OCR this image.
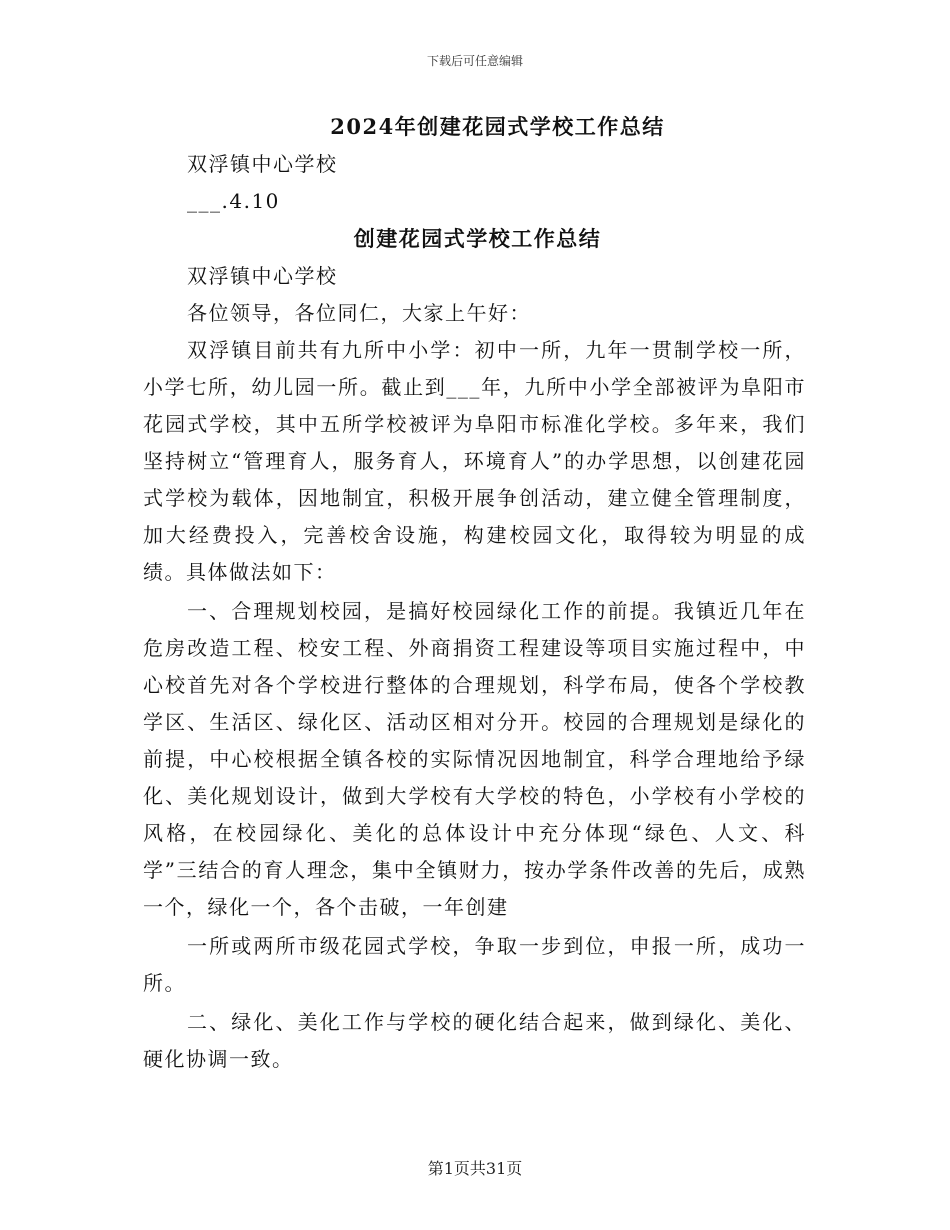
下载后可任意编辑

2024年创建花园式学校工作总结

双浮镇中心学校

___.4.10

创建花园式学校工作总结

双浮镇中心学校

各位领导，各位同仁，大家上午好：

双浮镇目前共有九所中小学：初中一所，九年一贯制学校一所，小学七所，幼儿园一所。截止到___年，九所中小学全部被评为阜阳市花园式学校，其中五所学校被评为阜阳市标准化学校。多年来，我们坚持树立“管理育人，服务育人，环境育人”的办学思想，以创建花园式学校为载体，因地制宜，积极开展争创活动，建立健全管理制度，加大经费投入，完善校舍设施，构建校园文化，取得较为明显的成绩。具体做法如下：

一、合理规划校园，是搞好校园绿化工作的前提。我镇近几年在危房改造工程、校安工程、外商捐资工程建设等项目实施过程中，中心校首先对各个学校进行整体的合理规划，科学布局，使各个学校教学区、生活区、绿化区、活动区相对分开。校园的合理规划是绿化的前提，中心校根据全镇各校的实际情况因地制宜，科学合理地给予绿化、美化规划设计，做到大学校有大学校的特色，小学校有小学校的风格，在校园绿化、美化的总体设计中充分体现“绿色、人文、科学”三结合的育人理念，集中全镇财力，按办学条件改善的先后，成熟一个，绿化一个，各个击破，一年创建

一所或两所市级花园式学校，争取一步到位，申报一所，成功一所。

二、绿化、美化工作与学校的硬化结合起来，做到绿化、美化、硬化协调一致。

第1页共31页
